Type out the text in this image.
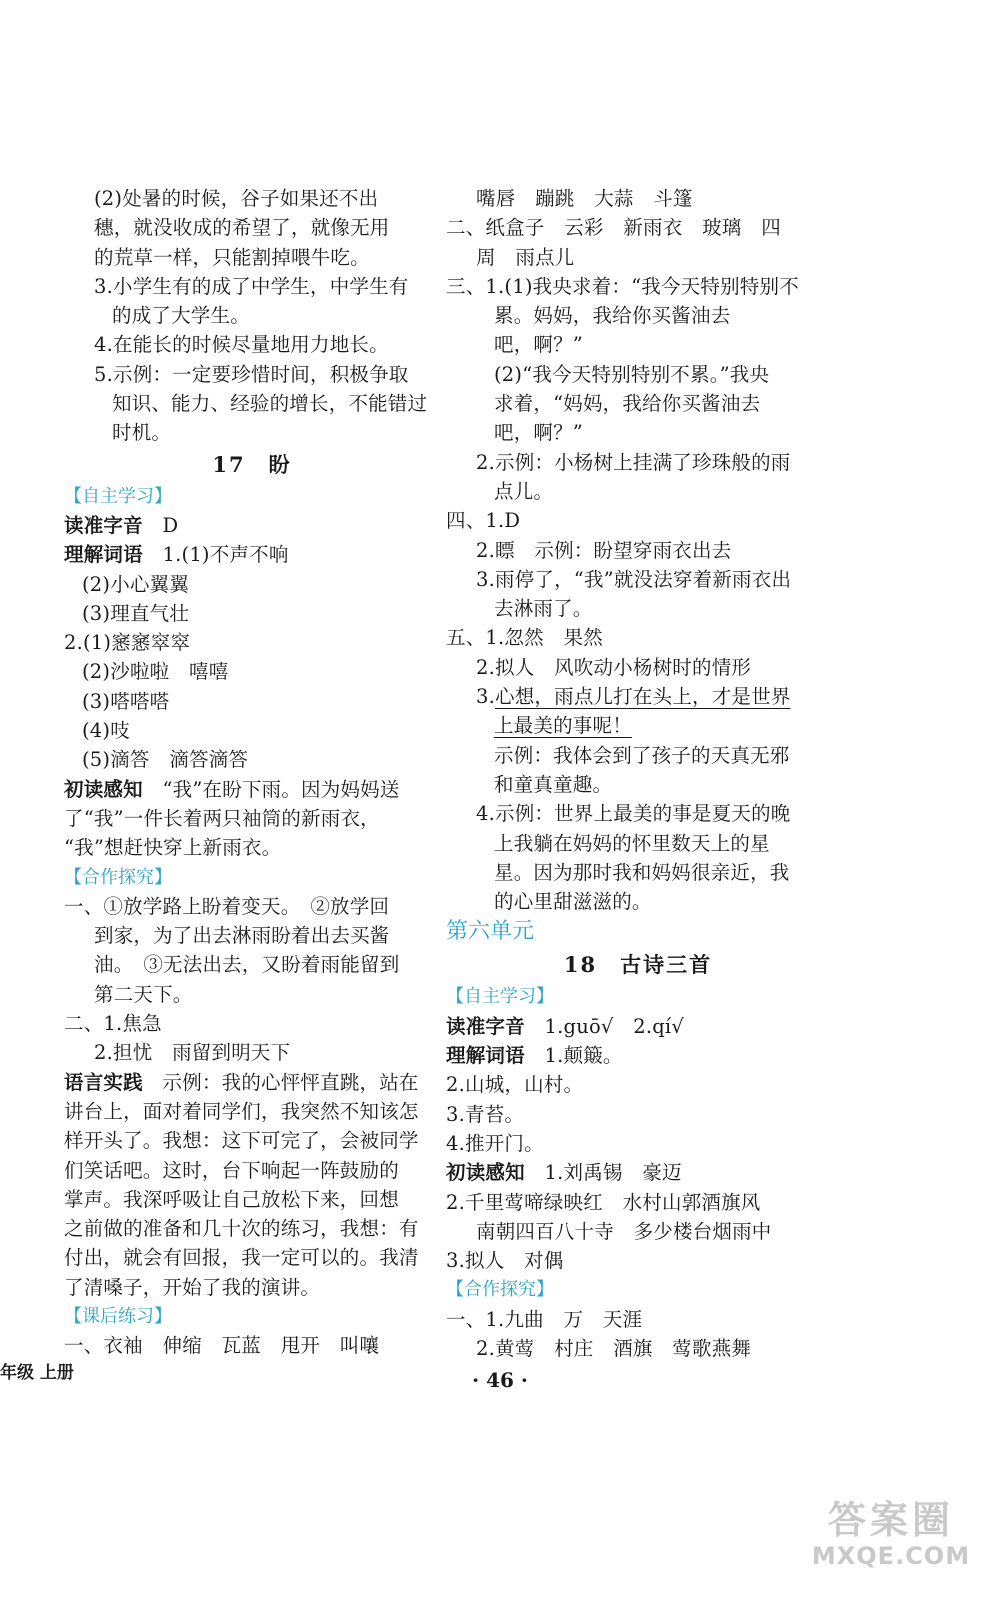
(2)处暑的时候，谷子如果还不出
穗，就没收成的希望了，就像无用
的荒草一样，只能割掉喂牛吃。
3.小学生有的成了中学生，中学生有
的成了大学生。
4.在能长的时候尽量地用力地长。
5.示例：一定要珍惜时间，积极争取
知识、能力、经验的增长，不能错过
时机。
17　盼
【自主学习】
读准字音　D
理解词语　1.(1)不声不响
(2)小心翼翼
(3)理直气壮
2.(1)窸窸窣窣
(2)沙啦啦　嘻嘻
(3)嗒嗒嗒
(4)吱
(5)滴答　滴答滴答
初读感知　“我”在盼下雨。因为妈妈送
了“我”一件长着两只袖筒的新雨衣，
“我”想赶快穿上新雨衣。
【合作探究】
一、①放学路上盼着变天。　②放学回
到家，为了出去淋雨盼着出去买酱
油。　③无法出去，又盼着雨能留到
第二天下。
二、1.焦急
2.担忧　雨留到明天下
语言实践　示例：我的心怦怦直跳，站在
讲台上，面对着同学们，我突然不知该怎
样开头了。我想：这下可完了，会被同学
们笑话吧。这时，台下响起一阵鼓励的
掌声。我深呼吸让自己放松下来，回想
之前做的准备和几十次的练习，我想：有
付出，就会有回报，我一定可以的。我清
了清嗓子，开始了我的演讲。
【课后练习】
一、衣袖　伸缩　瓦蓝　甩开　叫嚷
嘴唇　蹦跳　大蒜　斗篷
二、纸盒子　云彩　新雨衣　玻璃　四
周　雨点儿
三、1.(1)我央求着：“我今天特别特别不
累。妈妈，我给你买酱油去
吧，啊？”
(2)“我今天特别特别不累。”我央
求着，“妈妈，我给你买酱油去
吧，啊？”
2.示例：小杨树上挂满了珍珠般的雨
点儿。
四、1.D
2.瞟　示例：盼望穿雨衣出去
3.雨停了，“我”就没法穿着新雨衣出
去淋雨了。
五、1.忽然　果然
2.拟人　风吹动小杨树时的情形
3.心想，雨点儿打在头上，才是世界
上最美的事呢！
示例：我体会到了孩子的天真无邪
和童真童趣。
4.示例：世界上最美的事是夏天的晚
上我躺在妈妈的怀里数天上的星
星。因为那时我和妈妈很亲近，我
的心里甜滋滋的。
第六单元
18　古诗三首
【自主学习】
读准字音　1.guō√　2.qí√
理解词语　1.颠簸。
2.山城，山村。
3.青苔。
4.推开门。
初读感知　1.刘禹锡　豪迈
2.千里莺啼绿映红　水村山郭酒旗风
南朝四百八十寺　多少楼台烟雨中
3.拟人　对偶
【合作探究】
一、1.九曲　万　天涯
2.黄莺　村庄　酒旗　莺歌燕舞
年级 上册	· 46 ·
答案圈
MXQE.COM
